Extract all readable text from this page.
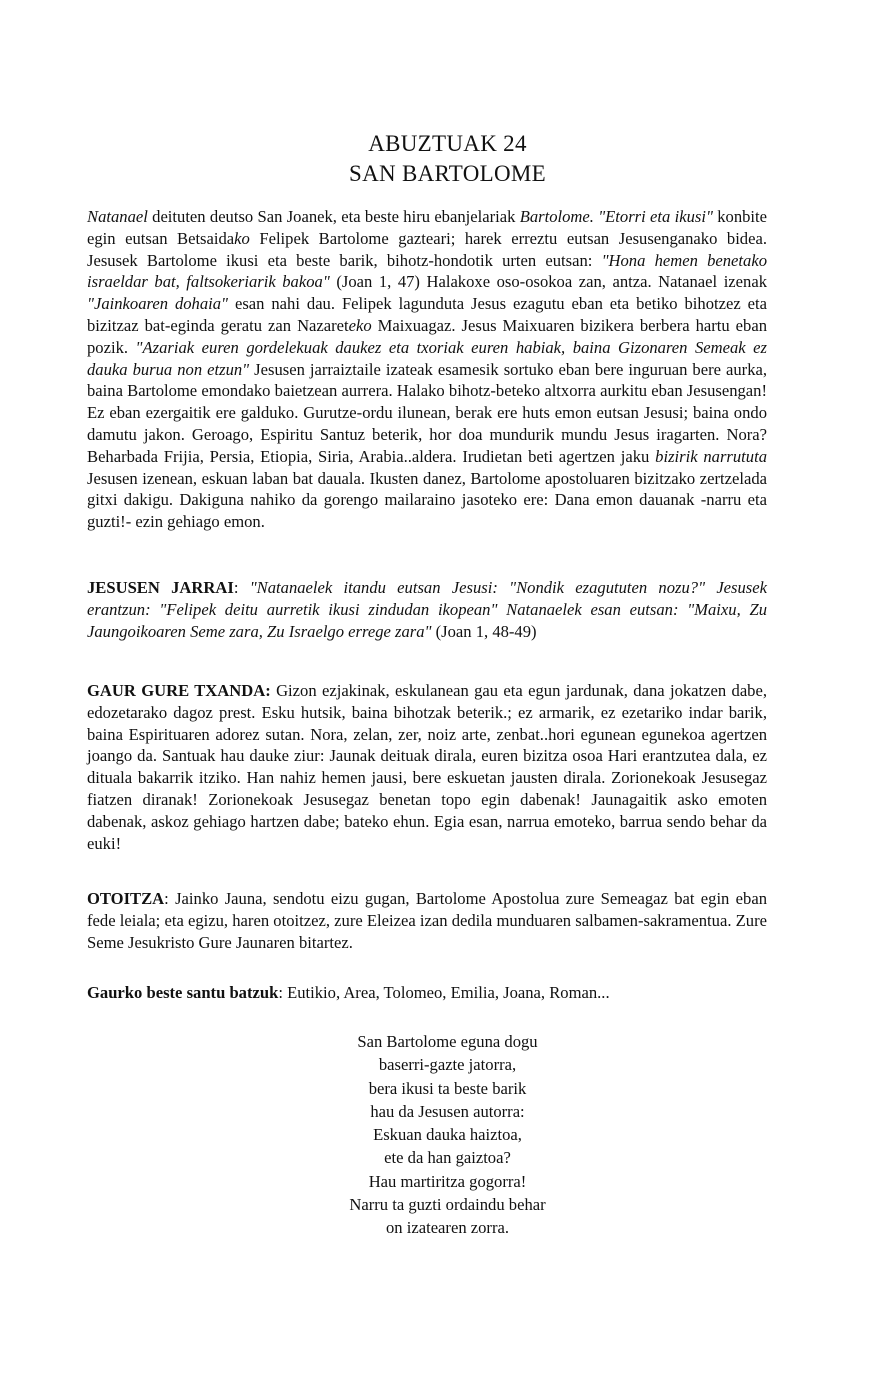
ABUZTUAK 24
SAN BARTOLOME

Natanael deituten deutso San Joanek, eta beste hiru ebanjelariak Bartolome. "Etorri eta ikusi" konbite egin eutsan Betsaidako Felipek Bartolome gazteari; harek erreztu eutsan Jesusenganako bidea. Jesusek Bartolome ikusi eta beste barik, bihotz-hondotik urten eutsan: "Hona hemen benetako israeldar bat, faltsokeriarik bakoa" (Joan 1, 47) Halakoxe oso-osokoa zan, antza. Natanael izenak "Jainkoaren dohaia" esan nahi dau. Felipek lagunduta Jesus ezagutu eban eta betiko bihotzez eta bizitzaz bat-eginda geratu zan Nazareteko Maixuagaz. Jesus Maixuaren bizikera berbera hartu eban pozik. "Azariak euren gordelekuak daukez eta txoriak euren habiak, baina Gizonaren Semeak ez dauka burua non etzun" Jesusen jarraiztaile izateak esamesik sortuko eban bere inguruan bere aurka, baina Bartolome emondako baietzean aurrera. Halako bihotz-beteko altxorra aurkitu eban Jesusengan! Ez eban ezergaitik ere galduko. Gurutze-ordu ilunean, berak ere huts emon eutsan Jesusi; baina ondo damutu jakon. Geroago, Espiritu Santuz beterik, hor doa mundurik mundu Jesus iragarten. Nora? Beharbada Frijia, Persia, Etiopia, Siria, Arabia..aldera. Irudietan beti agertzen jaku bizirik narrututa Jesusen izenean, eskuan laban bat dauala. Ikusten danez, Bartolome apostoluaren bizitzako zertzelada gitxi dakigu. Dakiguna nahiko da gorengo mailaraino jasoteko ere: Dana emon dauanak -narru eta guzti!- ezin gehiago emon.

JESUSEN JARRAI: "Natanaelek itandu eutsan Jesusi: "Nondik ezagututen nozu?" Jesusek erantzun: "Felipek deitu aurretik ikusi zindudan ikopean" Natanaelek esan eutsan: "Maixu, Zu Jaungoikoaren Seme zara, Zu Israelgo errege zara" (Joan 1, 48-49)

GAUR GURE TXANDA: Gizon ezjakinak, eskulanean gau eta egun jardunak, dana jokatzen dabe, edozetarako dagoz prest. Esku hutsik, baina bihotzak beterik.; ez armarik, ez ezetariko indar barik, baina Espirituaren adorez sutan. Nora, zelan, zer, noiz arte, zenbat..hori egunean egunekoa agertzen joango da. Santuak hau dauke ziur: Jaunak deituak dirala, euren bizitza osoa Hari erantzutea dala, ez dituala bakarrik itziko. Han nahiz hemen jausi, bere eskuetan jausten dirala. Zorionekoak Jesusegaz fiatzen diranak! Zorionekoak Jesusegaz benetan topo egin dabenak! Jaunagaitik asko emoten dabenak, askoz gehiago hartzen dabe; bateko ehun. Egia esan, narrua emoteko, barrua sendo behar da euki!

OTOITZA: Jainko Jauna, sendotu eizu gugan, Bartolome Apostolua zure Semeagaz bat egin eban fede leiala; eta egizu, haren otoitzez, zure Eleizea izan dedila munduaren salbamen-sakramentua. Zure Seme Jesukristo Gure Jaunaren bitartez.

Gaurko beste santu batzuk: Eutikio, Area, Tolomeo, Emilia, Joana, Roman...

San Bartolome eguna dogu
baserri-gazte jatorra,
bera ikusi ta beste barik
hau da Jesusen autorra:
Eskuan dauka haiztoa,
ete da han gaiztoa?
Hau martiritza gogorra!
Narru ta guzti ordaindu behar
on izatearen zorra.
